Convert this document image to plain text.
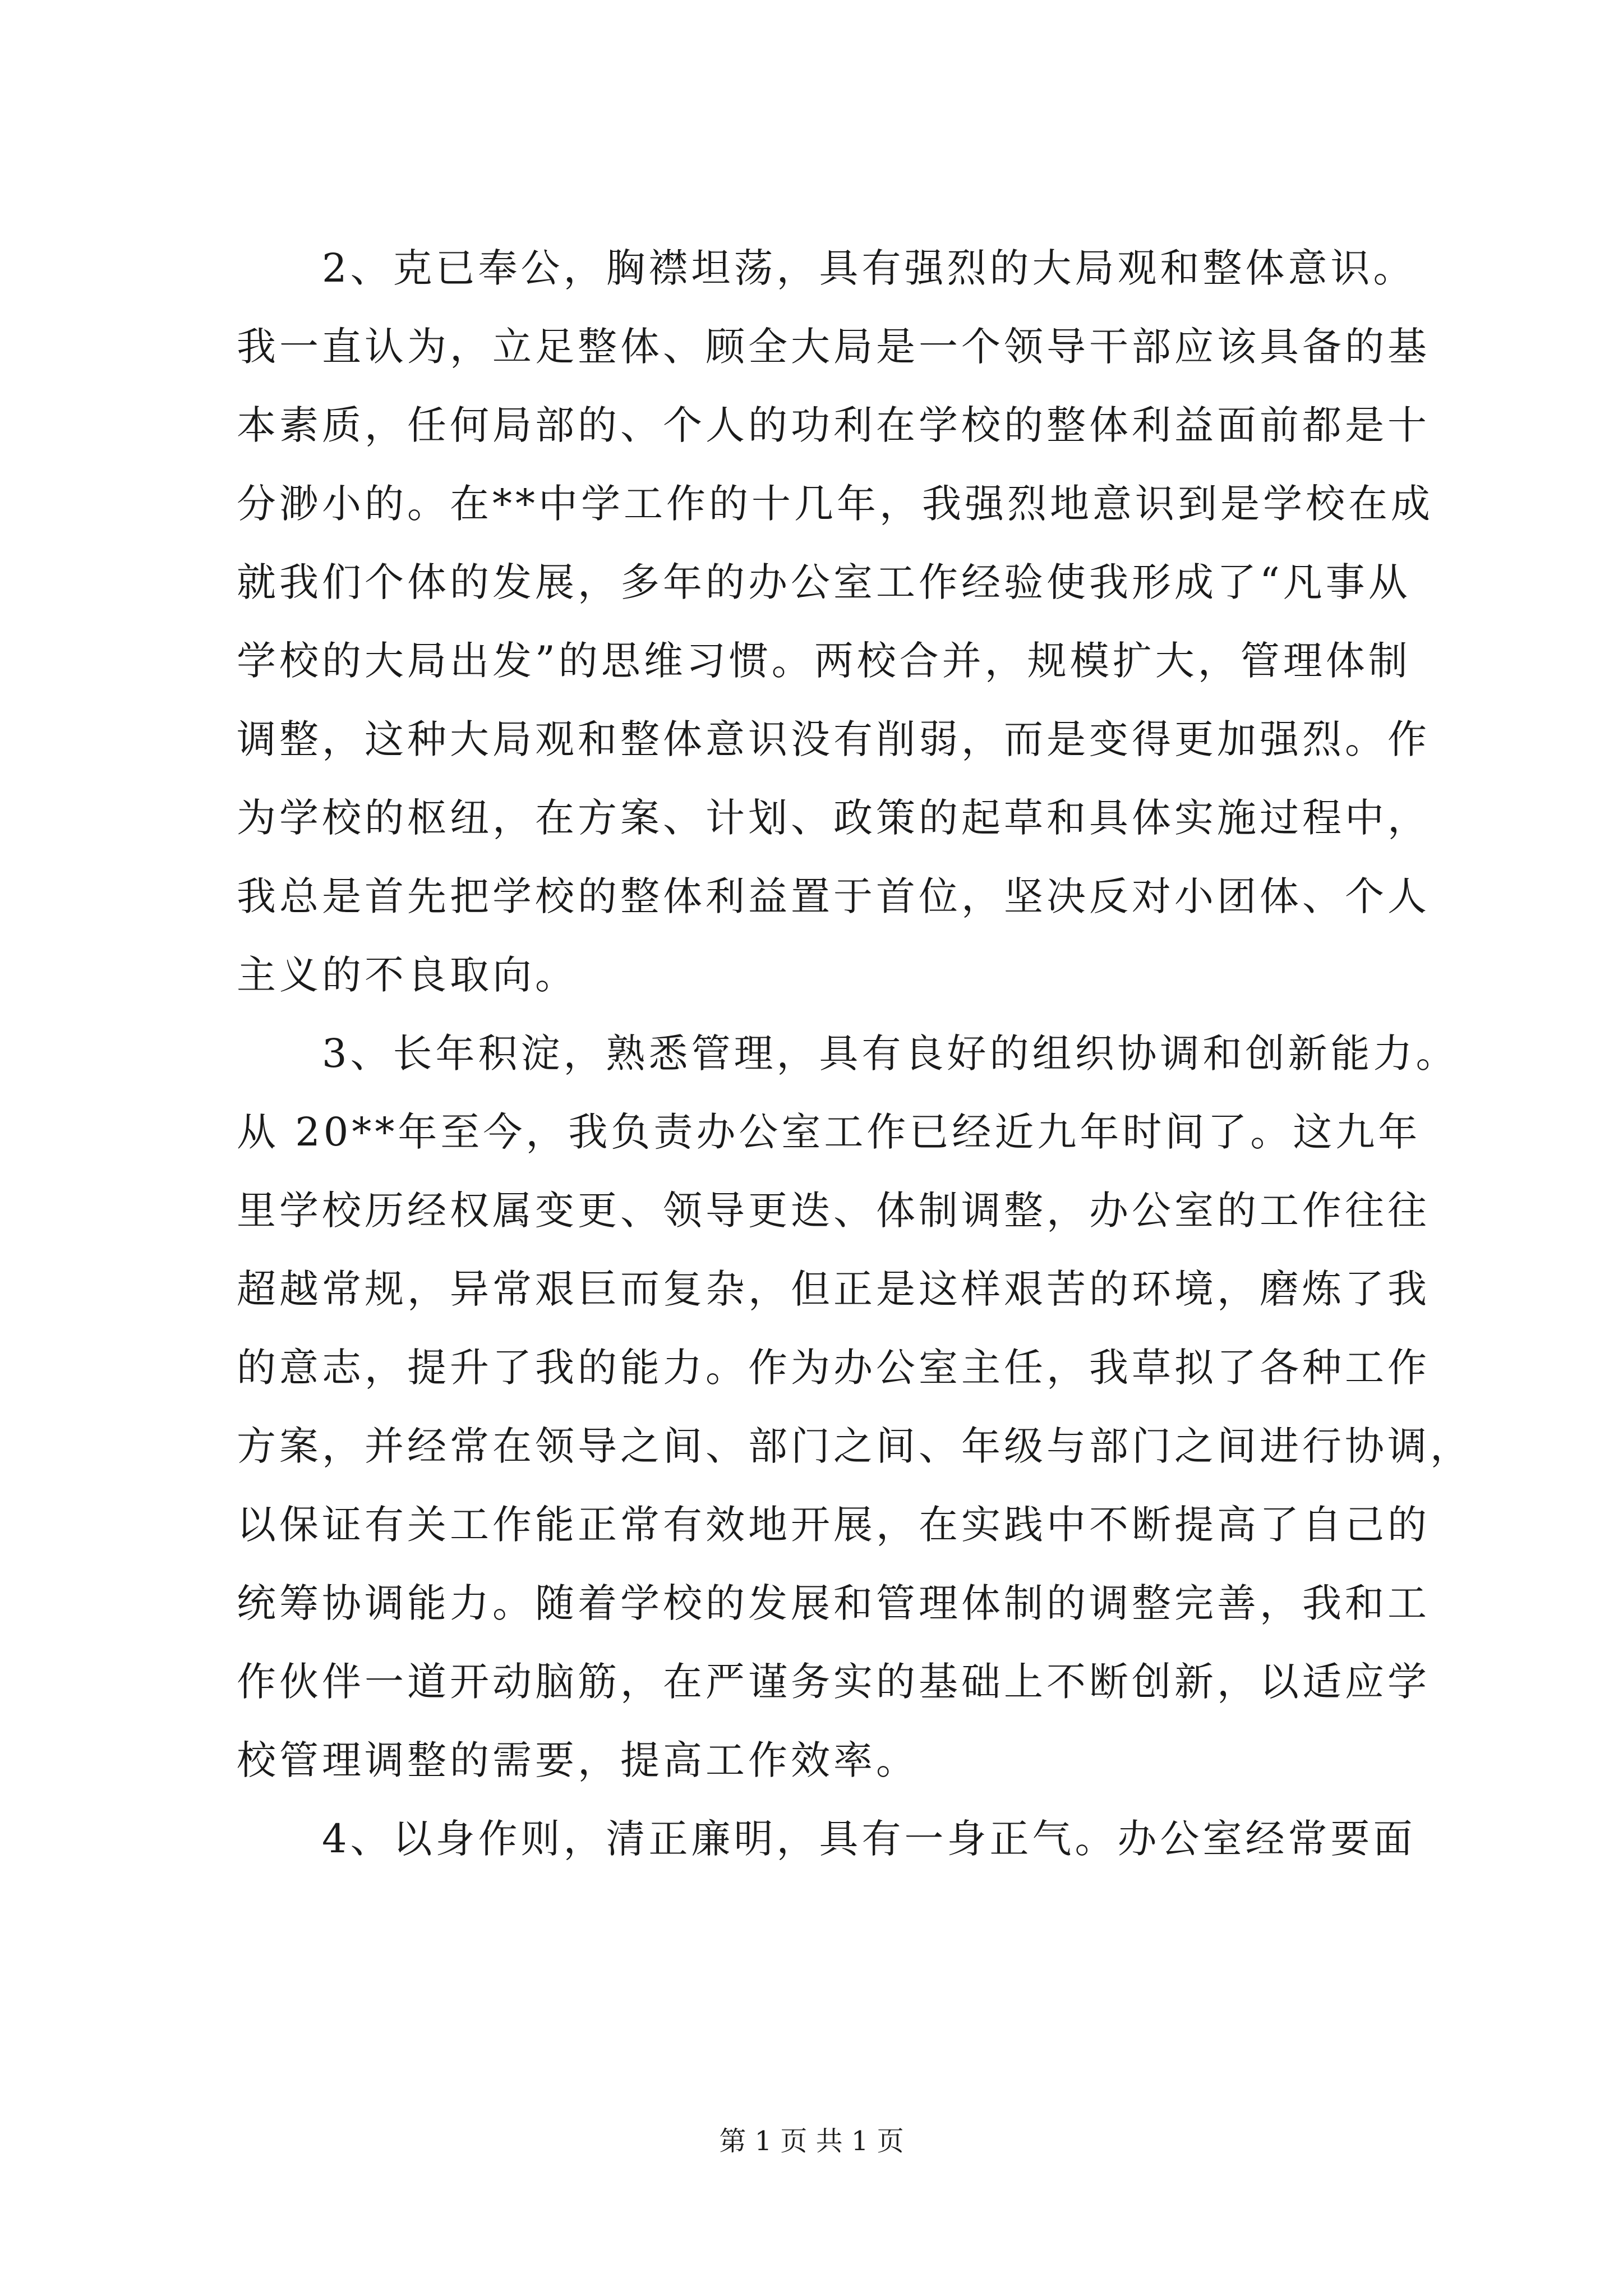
　　2、克已奉公，胸襟坦荡，具有强烈的大局观和整体意识。
我一直认为，立足整体、顾全大局是一个领导干部应该具备的基
本素质，任何局部的、个人的功利在学校的整体利益面前都是十
分渺小的。在**中学工作的十几年，我强烈地意识到是学校在成
就我们个体的发展，多年的办公室工作经验使我形成了“凡事从
学校的大局出发”的思维习惯。两校合并，规模扩大，管理体制
调整，这种大局观和整体意识没有削弱，而是变得更加强烈。作
为学校的枢纽，在方案、计划、政策的起草和具体实施过程中，
我总是首先把学校的整体利益置于首位，坚决反对小团体、个人
主义的不良取向。
　　3、长年积淀，熟悉管理，具有良好的组织协调和创新能力。
从 20**年至今，我负责办公室工作已经近九年时间了。这九年
里学校历经权属变更、领导更迭、体制调整，办公室的工作往往
超越常规，异常艰巨而复杂，但正是这样艰苦的环境，磨炼了我
的意志，提升了我的能力。作为办公室主任，我草拟了各种工作
方案，并经常在领导之间、部门之间、年级与部门之间进行协调，
以保证有关工作能正常有效地开展，在实践中不断提高了自己的
统筹协调能力。随着学校的发展和管理体制的调整完善，我和工
作伙伴一道开动脑筋，在严谨务实的基础上不断创新，以适应学
校管理调整的需要，提高工作效率。
　　4、以身作则，清正廉明，具有一身正气。办公室经常要面
第 1 页 共 1 页
